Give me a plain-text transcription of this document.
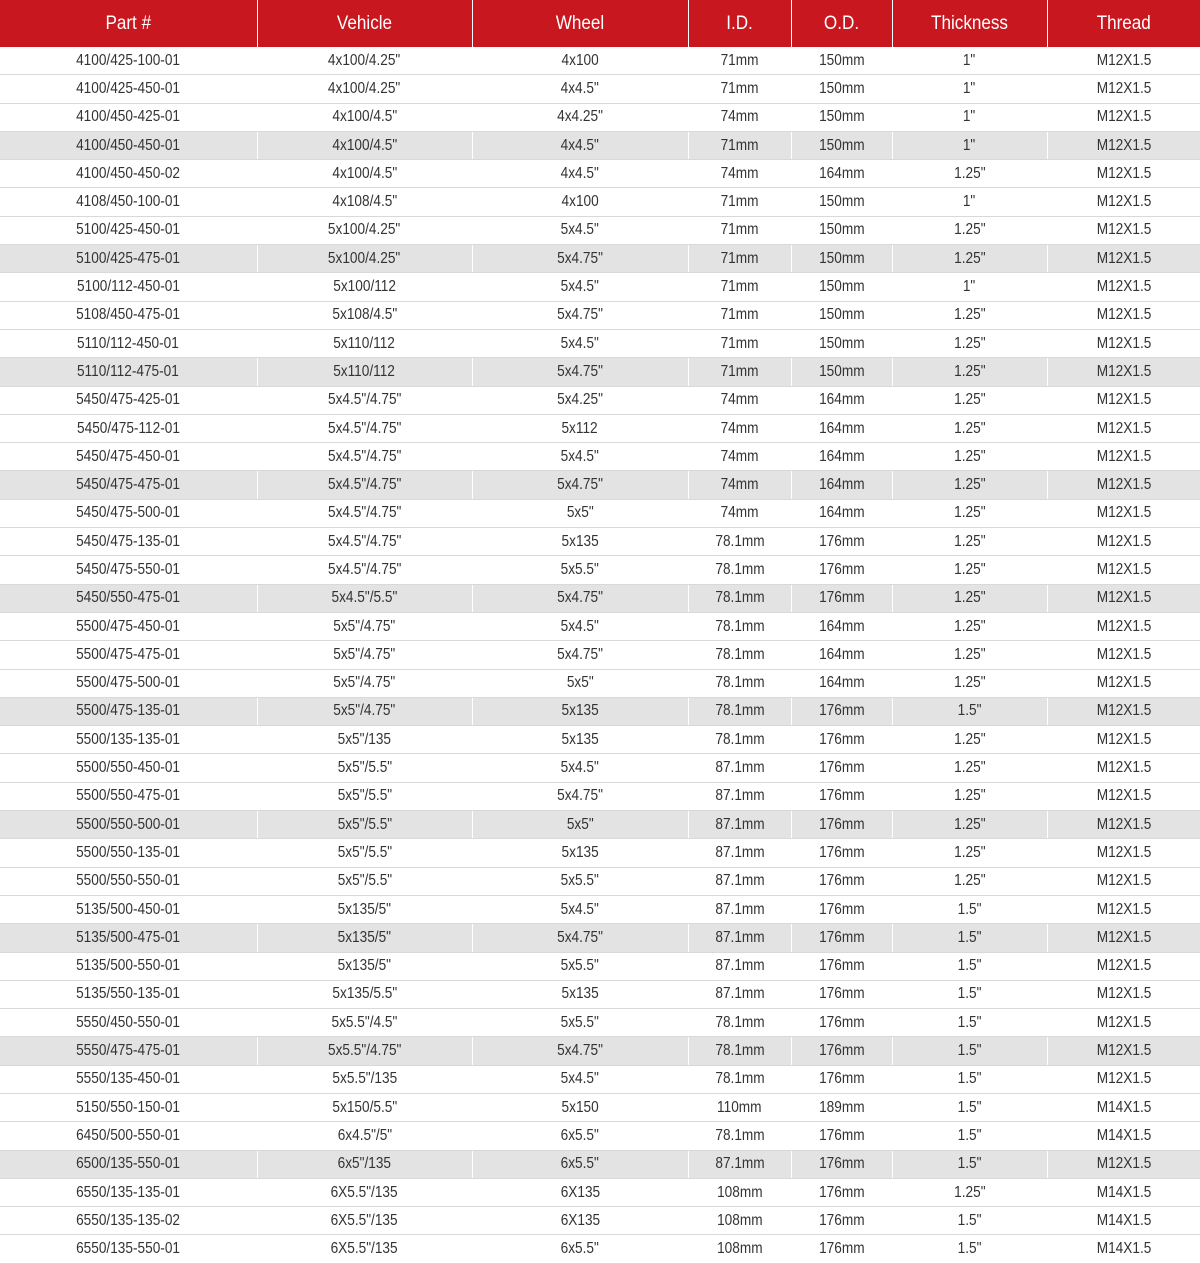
Part #	Vehicle	Wheel	I.D.	O.D.	Thickness	Thread
4100/425-100-01	4x100/4.25"	4x100	71mm	150mm	1"	M12X1.5
4100/425-450-01	4x100/4.25"	4x4.5"	71mm	150mm	1"	M12X1.5
4100/450-425-01	4x100/4.5"	4x4.25"	74mm	150mm	1"	M12X1.5
4100/450-450-01	4x100/4.5"	4x4.5"	71mm	150mm	1"	M12X1.5
4100/450-450-02	4x100/4.5"	4x4.5"	74mm	164mm	1.25"	M12X1.5
4108/450-100-01	4x108/4.5"	4x100	71mm	150mm	1"	M12X1.5
5100/425-450-01	5x100/4.25"	5x4.5"	71mm	150mm	1.25"	M12X1.5
5100/425-475-01	5x100/4.25"	5x4.75"	71mm	150mm	1.25"	M12X1.5
5100/112-450-01	5x100/112	5x4.5"	71mm	150mm	1"	M12X1.5
5108/450-475-01	5x108/4.5"	5x4.75"	71mm	150mm	1.25"	M12X1.5
5110/112-450-01	5x110/112	5x4.5"	71mm	150mm	1.25"	M12X1.5
5110/112-475-01	5x110/112	5x4.75"	71mm	150mm	1.25"	M12X1.5
5450/475-425-01	5x4.5"/4.75"	5x4.25"	74mm	164mm	1.25"	M12X1.5
5450/475-112-01	5x4.5"/4.75"	5x112	74mm	164mm	1.25"	M12X1.5
5450/475-450-01	5x4.5"/4.75"	5x4.5"	74mm	164mm	1.25"	M12X1.5
5450/475-475-01	5x4.5"/4.75"	5x4.75"	74mm	164mm	1.25"	M12X1.5
5450/475-500-01	5x4.5"/4.75"	5x5"	74mm	164mm	1.25"	M12X1.5
5450/475-135-01	5x4.5"/4.75"	5x135	78.1mm	176mm	1.25"	M12X1.5
5450/475-550-01	5x4.5"/4.75"	5x5.5"	78.1mm	176mm	1.25"	M12X1.5
5450/550-475-01	5x4.5"/5.5"	5x4.75"	78.1mm	176mm	1.25"	M12X1.5
5500/475-450-01	5x5"/4.75"	5x4.5"	78.1mm	164mm	1.25"	M12X1.5
5500/475-475-01	5x5"/4.75"	5x4.75"	78.1mm	164mm	1.25"	M12X1.5
5500/475-500-01	5x5"/4.75"	5x5"	78.1mm	164mm	1.25"	M12X1.5
5500/475-135-01	5x5"/4.75"	5x135	78.1mm	176mm	1.5"	M12X1.5
5500/135-135-01	5x5"/135	5x135	78.1mm	176mm	1.25"	M12X1.5
5500/550-450-01	5x5"/5.5"	5x4.5"	87.1mm	176mm	1.25"	M12X1.5
5500/550-475-01	5x5"/5.5"	5x4.75"	87.1mm	176mm	1.25"	M12X1.5
5500/550-500-01	5x5"/5.5"	5x5"	87.1mm	176mm	1.25"	M12X1.5
5500/550-135-01	5x5"/5.5"	5x135	87.1mm	176mm	1.25"	M12X1.5
5500/550-550-01	5x5"/5.5"	5x5.5"	87.1mm	176mm	1.25"	M12X1.5
5135/500-450-01	5x135/5"	5x4.5"	87.1mm	176mm	1.5"	M12X1.5
5135/500-475-01	5x135/5"	5x4.75"	87.1mm	176mm	1.5"	M12X1.5
5135/500-550-01	5x135/5"	5x5.5"	87.1mm	176mm	1.5"	M12X1.5
5135/550-135-01	5x135/5.5"	5x135	87.1mm	176mm	1.5"	M12X1.5
5550/450-550-01	5x5.5"/4.5"	5x5.5"	78.1mm	176mm	1.5"	M12X1.5
5550/475-475-01	5x5.5"/4.75"	5x4.75"	78.1mm	176mm	1.5"	M12X1.5
5550/135-450-01	5x5.5"/135	5x4.5"	78.1mm	176mm	1.5"	M12X1.5
5150/550-150-01	5x150/5.5"	5x150	110mm	189mm	1.5"	M14X1.5
6450/500-550-01	6x4.5"/5"	6x5.5"	78.1mm	176mm	1.5"	M14X1.5
6500/135-550-01	6x5"/135	6x5.5"	87.1mm	176mm	1.5"	M12X1.5
6550/135-135-01	6X5.5"/135	6X135	108mm	176mm	1.25"	M14X1.5
6550/135-135-02	6X5.5"/135	6X135	108mm	176mm	1.5"	M14X1.5
6550/135-550-01	6X5.5"/135	6x5.5"	108mm	176mm	1.5"	M14X1.5
